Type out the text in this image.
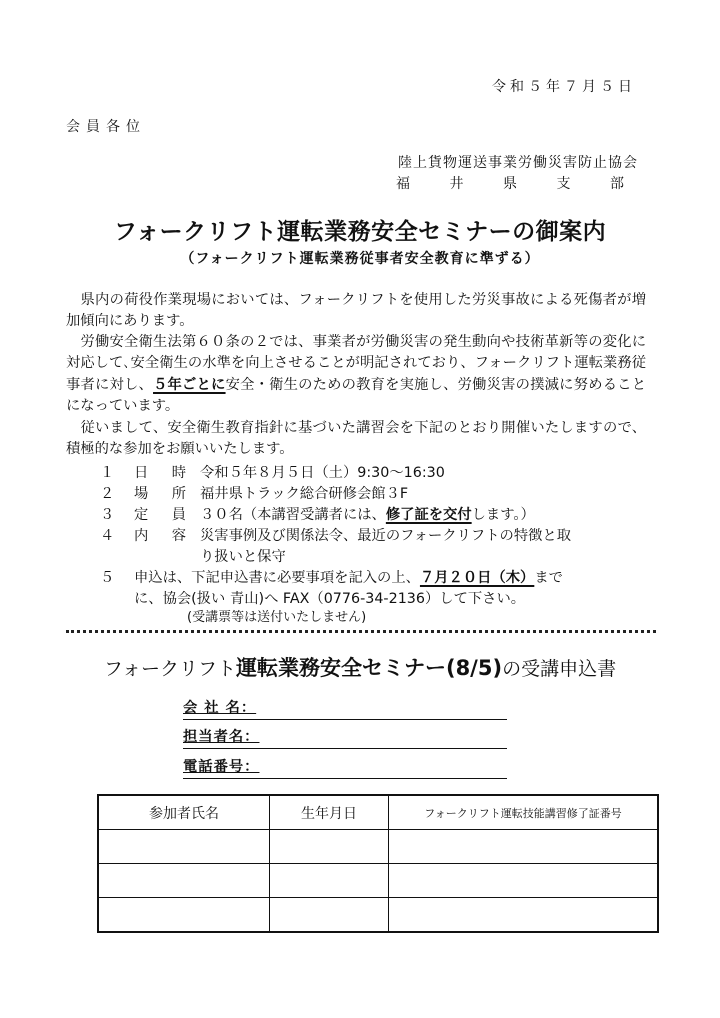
令和５年７月５日
会員各位
陸上貨物運送事業労働災害防止協会
福	井	県	支	部
フォークリフト運転業務安全セミナーの御案内
（フォークリフト運転業務従事者安全教育に準ずる）

　県内の荷役作業現場においては、フォークリフトを使用した労災事故による死傷者が増加傾向にあります。

　労働安全衛生法第６０条の２では、事業者が労働災害の発生動向や技術革新等の変化に対応して､安全衛生の水準を向上させることが明記されており、フォークリフト運転業務従事者に対し、５年ごとに安全・衛生のための教育を実施し、労働災害の撲滅に努めることになっています。

　従いまして、安全衛生教育指針に基づいた講習会を下記のとおり開催いたしますので、積極的な参加をお願いいたします。

１ 日 時 令和５年８月５日（土）9:30～16:30
２ 場 所 福井県トラック総合研修会館３F
３ 定 員 ３０名（本講習受講者には、修了証を交付します。）
４ 内 容 災害事例及び関係法令、最近のフォークリフトの特徴と取
り扱いと保守
５ 申込は、下記申込書に必要事項を記入の上、７月２０日（木）まで
に、協会(扱い 青山)へ FAX（0776-34-2136）して下さい。
(受講票等は送付いたしません)
フォークリフト運転業務安全セミナー(8/5)の受講申込書
会 社 名：
担当者名：
電話番号：
参加者氏名	生年月日	フォークリフト運転技能講習修了証番号
